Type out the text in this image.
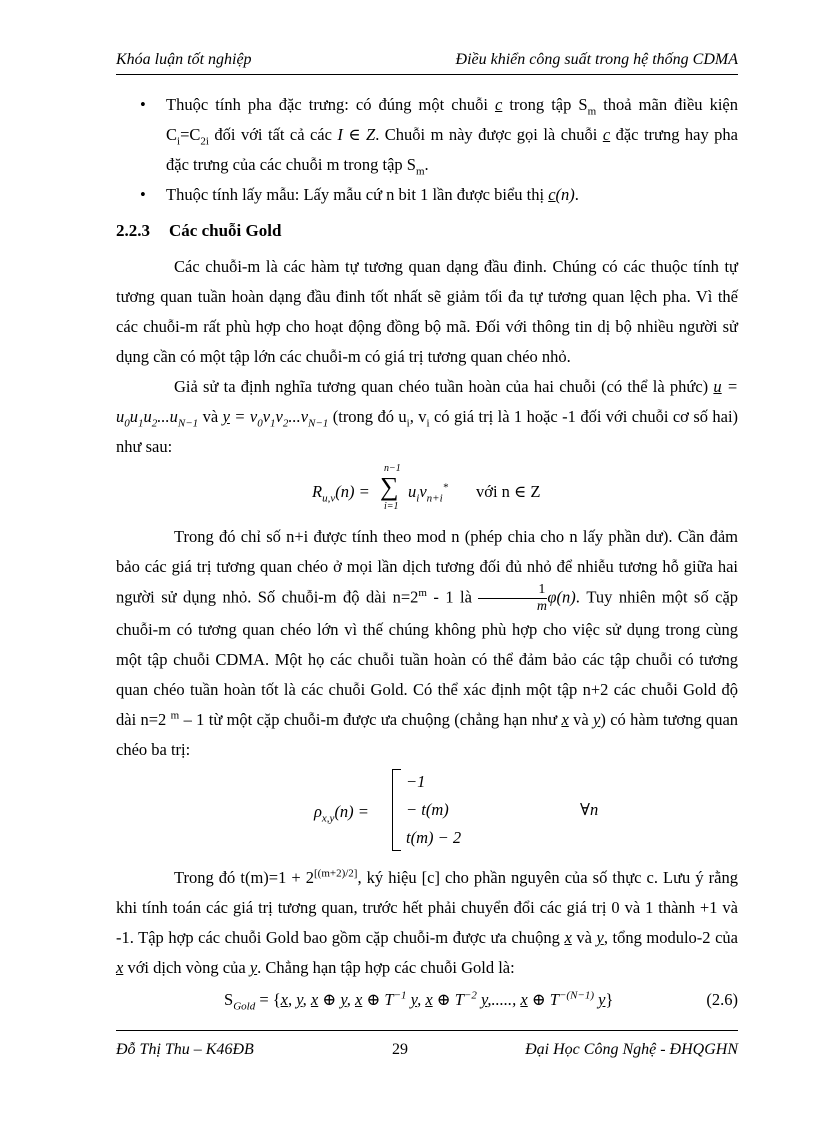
Khóa luận tốt nghiệp	Điều khiển công suất trong hệ thống CDMA
• Thuộc tính pha đặc trưng: có đúng một chuỗi c trong tập $S_m$ thoả mãn điều kiện $C_i=C_{2i}$ đối với tất cả các I ∈ Z. Chuỗi m này được gọi là chuỗi c đặc trưng hay pha đặc trưng của các chuỗi m trong tập $S_m$.
• Thuộc tính lấy mẫu: Lấy mẫu cứ n bit 1 lần được biểu thị c(n).
2.2.3 Các chuỗi Gold

Các chuỗi-m là các hàm tự tương quan dạng đầu đinh. Chúng có các thuộc tính tự tương quan tuần hoàn dạng đầu đinh tốt nhất sẽ giảm tối đa tự tương quan lệch pha. Vì thế các chuỗi-m rất phù hợp cho hoạt động đồng bộ mã. Đối với thông tin dị bộ nhiều người sử dụng cần có một tập lớn các chuỗi-m có giá trị tương quan chéo nhỏ.

Giả sử ta định nghĩa tương quan chéo tuần hoàn của hai chuỗi (có thể là phức) $u = u_0u_1u_2...u_{N-1}$ và $y = v_0v_1v_2...v_{N-1}$ (trong đó $u_i$, $v_i$ có giá trị là 1 hoặc -1 đối với chuỗi cơ số hai) như sau:

$R_{u,v}(n)$ =
n−1
∑
i=1
$u_iv_{n+i}^*$ với n ∈ Z

Trong đó chỉ số n+i được tính theo mod n (phép chia cho n lấy phần dư). Cần đảm bảo các giá trị tương quan chéo ở mọi lần dịch tương đối đủ nhỏ để nhiễu tương hỗ giữa hai người sử dụng nhỏ. Số chuỗi-m độ dài $n=2^m - 1$ là $\frac{1}{m} \varphi(n)$. Tuy nhiên một số cặp chuỗi-m có tương quan chéo lớn vì thế chúng không phù hợp cho việc sử dụng trong cùng một tập chuỗi CDMA. Một họ các chuỗi tuần hoàn có thể đảm bảo các tập chuỗi có tương quan chéo tuần hoàn tốt là các chuỗi Gold. Có thể xác định một tập n+2 các chuỗi Gold độ dài n=2 $^m$ – 1 từ một cặp chuỗi-m được ưa chuộng (chẳng hạn như x và y) có hàm tương quan chéo ba trị:

$\rho_{x,y}(n)$ =
−1
− t(m)
t(m) − 2
∀n

Trong đó t(m)=1 + 2[(m+2)/2], ký hiệu [c] cho phần nguyên của số thực c. Lưu ý rằng khi tính toán các giá trị tương quan, trước hết phải chuyển đổi các giá trị 0 và 1 thành +1 và -1. Tập hợp các chuỗi Gold bao gồm cặp chuỗi-m được ưa chuộng x và y, tổng modulo-2 của x với dịch vòng của y. Chẳng hạn tập hợp các chuỗi Gold là:

$S_{Gold} = \{x$, y, x ⊕ y, x ⊕ $T^{-1}$ y, x ⊕ $T^{-2}$ y,....., x ⊕ $T^{-(N-1)}$ y}	(2.6)
Đỗ Thị Thu – K46ĐB	29	Đại Học Công Nghệ - ĐHQGHN
